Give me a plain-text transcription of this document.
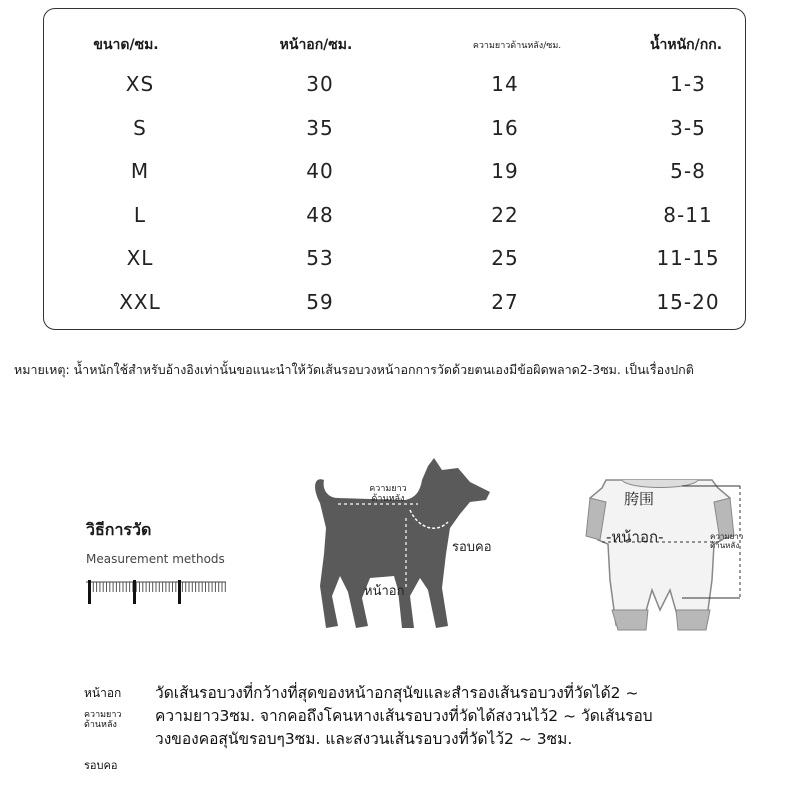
ขนาด/ซม.	หน้าอก/ซม.	ความยาวด้านหลัง/ซม.	น้ำหนัก/กก.
XS	30	14	1-3
S	35	16	3-5
M	40	19	5-8
L	48	22	8-11
XL	53	25	11-15
XXL	59	27	15-20
หมายเหตุ: น้ำหนักใช้สำหรับอ้างอิงเท่านั้นขอแนะนำให้วัดเส้นรอบวงหน้าอกการวัดด้วยตนเองมีข้อผิดพลาด2-3ซม. เป็นเรื่องปกติ
วิธีการวัด
Measurement methods
ความยาว ด้านหลัง
รอบคอ
หน้าอก
胯围
-หน้าอก-	ความยาว ด้านหลัง
หน้าอก
ความยาว ด้านหลัง
รอบคอ
วัดเส้นรอบวงที่กว้างที่สุดของหน้าอกสุนัขและสำรองเส้นรอบวงที่วัดได้2 ~ ความยาว3ซม. จากคอถึงโคนหางเส้นรอบวงที่วัดได้สงวนไว้2 ~ วัดเส้นรอบวงของคอสุนัขรอบๆ3ซม. และสงวนเส้นรอบวงที่วัดไว้2 ~ 3ซม.
